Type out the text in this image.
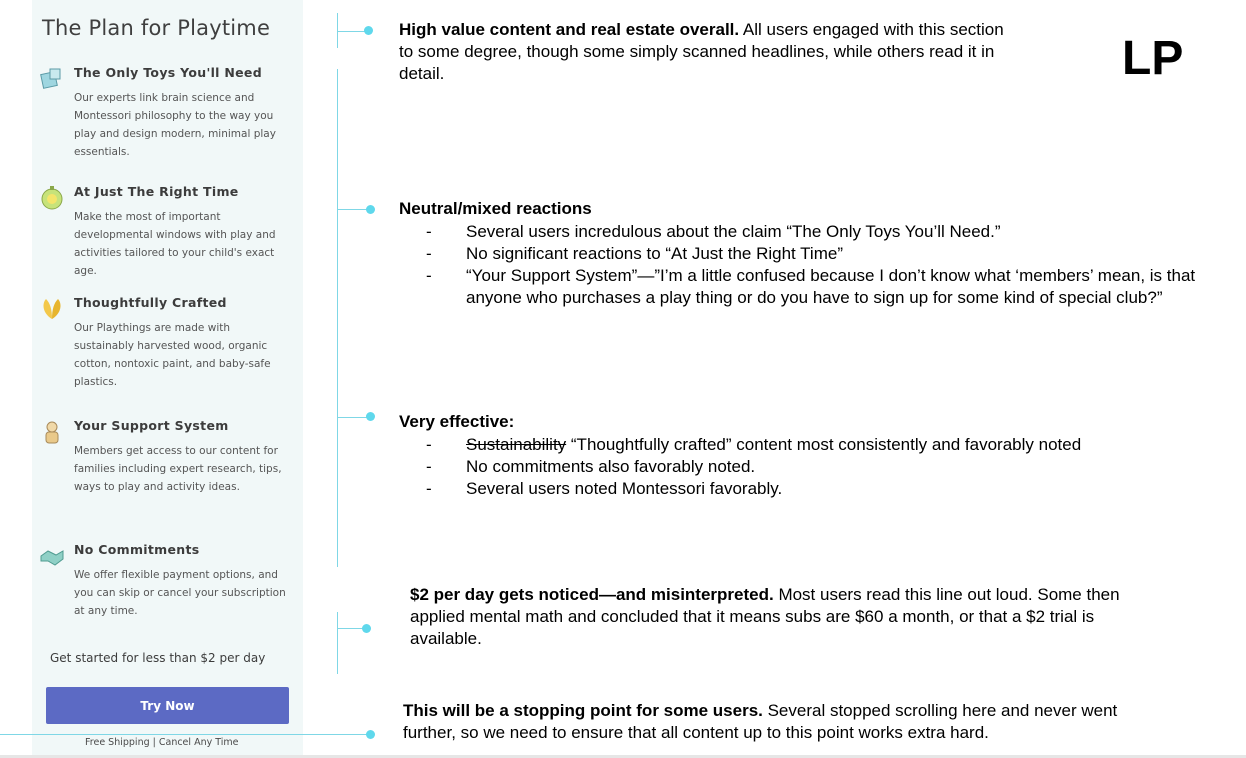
The Plan for Playtime
The Only Toys You'll Need
Our experts link brain science and Montessori philosophy to the way you play and design modern, minimal play essentials.
At Just The Right Time
Make the most of important developmental windows with play and activities tailored to your child's exact age.
Thoughtfully Crafted
Our Playthings are made with sustainably harvested wood, organic cotton, nontoxic paint, and baby-safe plastics.
Your Support System
Members get access to our content for families including expert research, tips, ways to play and activity ideas.
No Commitments
We offer flexible payment options, and you can skip or cancel your subscription at any time.
Get started for less than $2 per day
Try Now
Free Shipping | Cancel Any Time
LP
High value content and real estate overall. All users engaged with this section to some degree, though some simply scanned headlines, while others read it in detail.
Neutral/mixed reactions
- Several users incredulous about the claim “The Only Toys You’ll Need.”
- No significant reactions to “At Just the Right Time”
- “Your Support System”—”I’m a little confused because I don’t know what ‘members’ mean, is that anyone who purchases a play thing or do you have to sign up for some kind of special club?”
Very effective:
- Sustainability “Thoughtfully crafted” content most consistently and favorably noted
- No commitments also favorably noted.
- Several users noted Montessori favorably.
$2 per day gets noticed—and misinterpreted. Most users read this line out loud. Some then applied mental math and concluded that it means subs are $60 a month, or that a $2 trial is available.
This will be a stopping point for some users. Several stopped scrolling here and never went further, so we need to ensure that all content up to this point works extra hard.
